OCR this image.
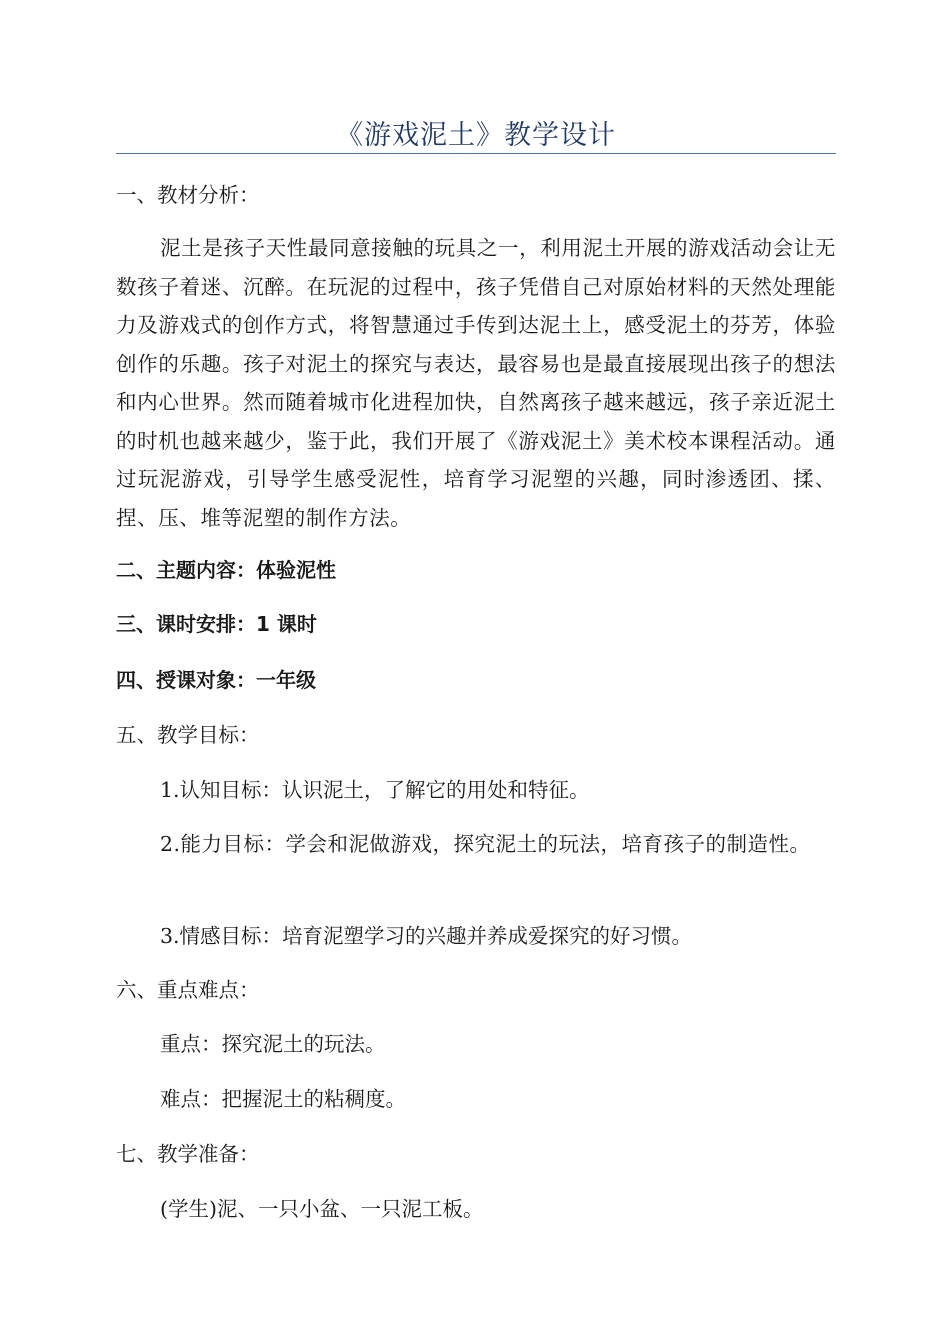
《游戏泥土》教学设计
一、教材分析：
泥土是孩子天性最同意接触的玩具之一，利用泥土开展的游戏活动会让无数孩子着迷、沉醉。在玩泥的过程中，孩子凭借自己对原始材料的天然处理能力及游戏式的创作方式，将智慧通过手传到达泥土上，感受泥土的芬芳，体验创作的乐趣。孩子对泥土的探究与表达，最容易也是最直接展现出孩子的想法和内心世界。然而随着城市化进程加快，自然离孩子越来越远，孩子亲近泥土的时机也越来越少，鉴于此，我们开展了《游戏泥土》美术校本课程活动。通过玩泥游戏，引导学生感受泥性，培育学习泥塑的兴趣，同时渗透团、揉、捏、压、堆等泥塑的制作方法。
二、主题内容：体验泥性
三、课时安排：1 课时
四、授课对象：一年级
五、教学目标：
1.认知目标：认识泥土，了解它的用处和特征。
2.能力目标：学会和泥做游戏，探究泥土的玩法，培育孩子的制造性。
3.情感目标：培育泥塑学习的兴趣并养成爱探究的好习惯。
六、重点难点：
重点：探究泥土的玩法。
难点：把握泥土的粘稠度。
七、教学准备：
(学生)泥、一只小盆、一只泥工板。
